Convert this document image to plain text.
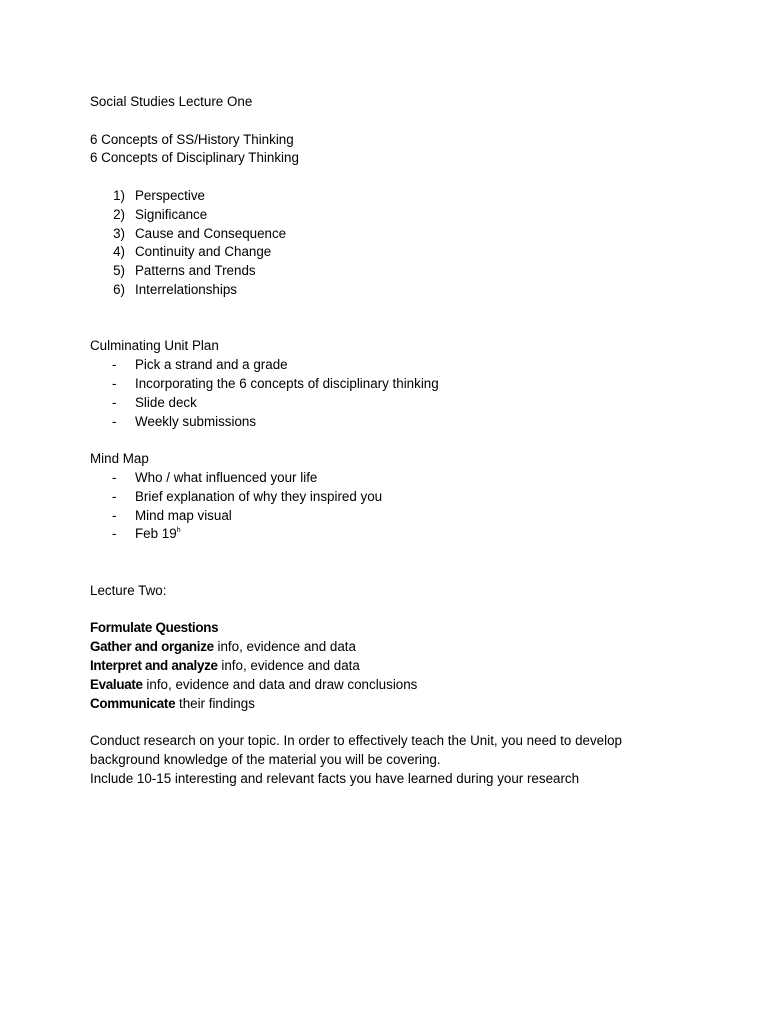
Social Studies Lecture One
6 Concepts of SS/History Thinking
6 Concepts of Disciplinary Thinking
1) Perspective
2) Significance
3) Cause and Consequence
4) Continuity and Change
5) Patterns and Trends
6) Interrelationships
Culminating Unit Plan
-	Pick a strand and a grade
-	Incorporating the 6 concepts of disciplinary thinking
-	Slide deck
-	Weekly submissions
Mind Map
-	Who / what influenced your life
-	Brief explanation of why they inspired you
-	Mind map visual
-	Feb 19$^h$
Lecture Two:
Formulate Questions
Gather and organize info, evidence and data
Interpret and analyze info, evidence and data
Evaluate info, evidence and data and draw conclusions
Communicate their findings
Conduct research on your topic. In order to effectively teach the Unit, you need to develop background knowledge of the material you will be covering.
Include 10-15 interesting and relevant facts you have learned during your research
